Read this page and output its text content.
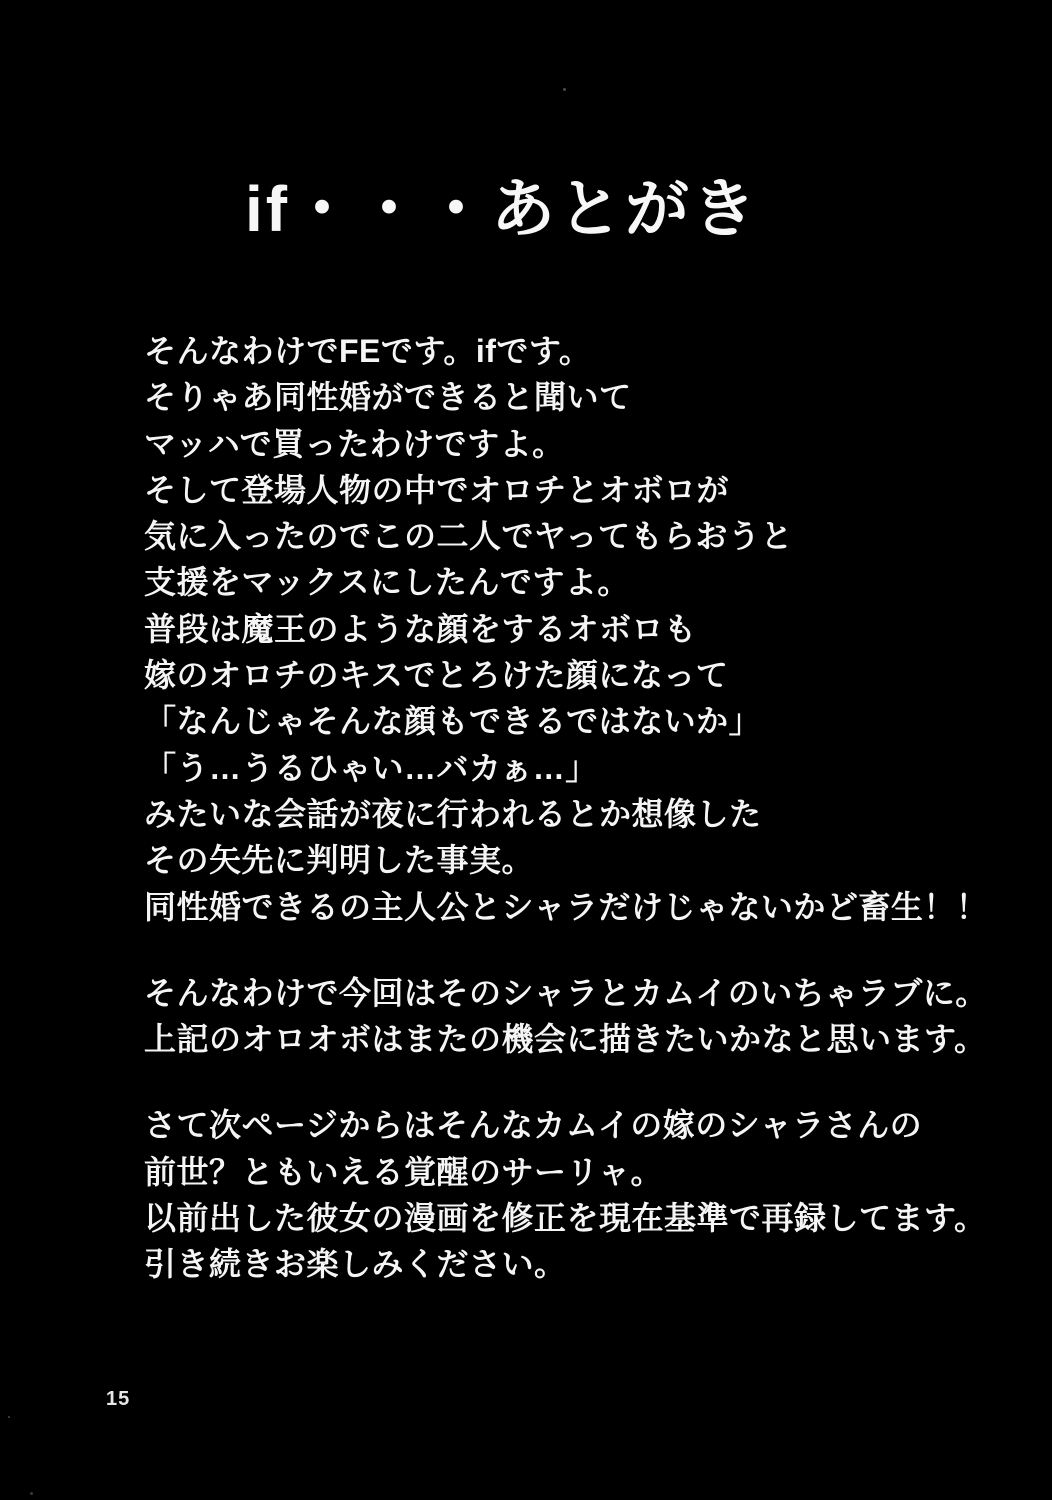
if・・・あとがき

そんなわけでFEです。ifです。
そりゃあ同性婚ができると聞いて
マッハで買ったわけですよ。
そして登場人物の中でオロチとオボロが
気に入ったのでこの二人でヤってもらおうと
支援をマックスにしたんですよ。
普段は魔王のような顔をするオボロも
嫁のオロチのキスでとろけた顔になって
「なんじゃそんな顔もできるではないか」
「う…うるひゃい…バカぁ…」
みたいな会話が夜に行われるとか想像した
その矢先に判明した事実。
同性婚できるの主人公とシャラだけじゃないかど畜生！！

そんなわけで今回はそのシャラとカムイのいちゃラブに。
上記のオロオボはまたの機会に描きたいかなと思います。

さて次ページからはそんなカムイの嫁のシャラさんの
前世？ともいえる覚醒のサーリャ。
以前出した彼女の漫画を修正を現在基準で再録してます。
引き続きお楽しみください。

15
